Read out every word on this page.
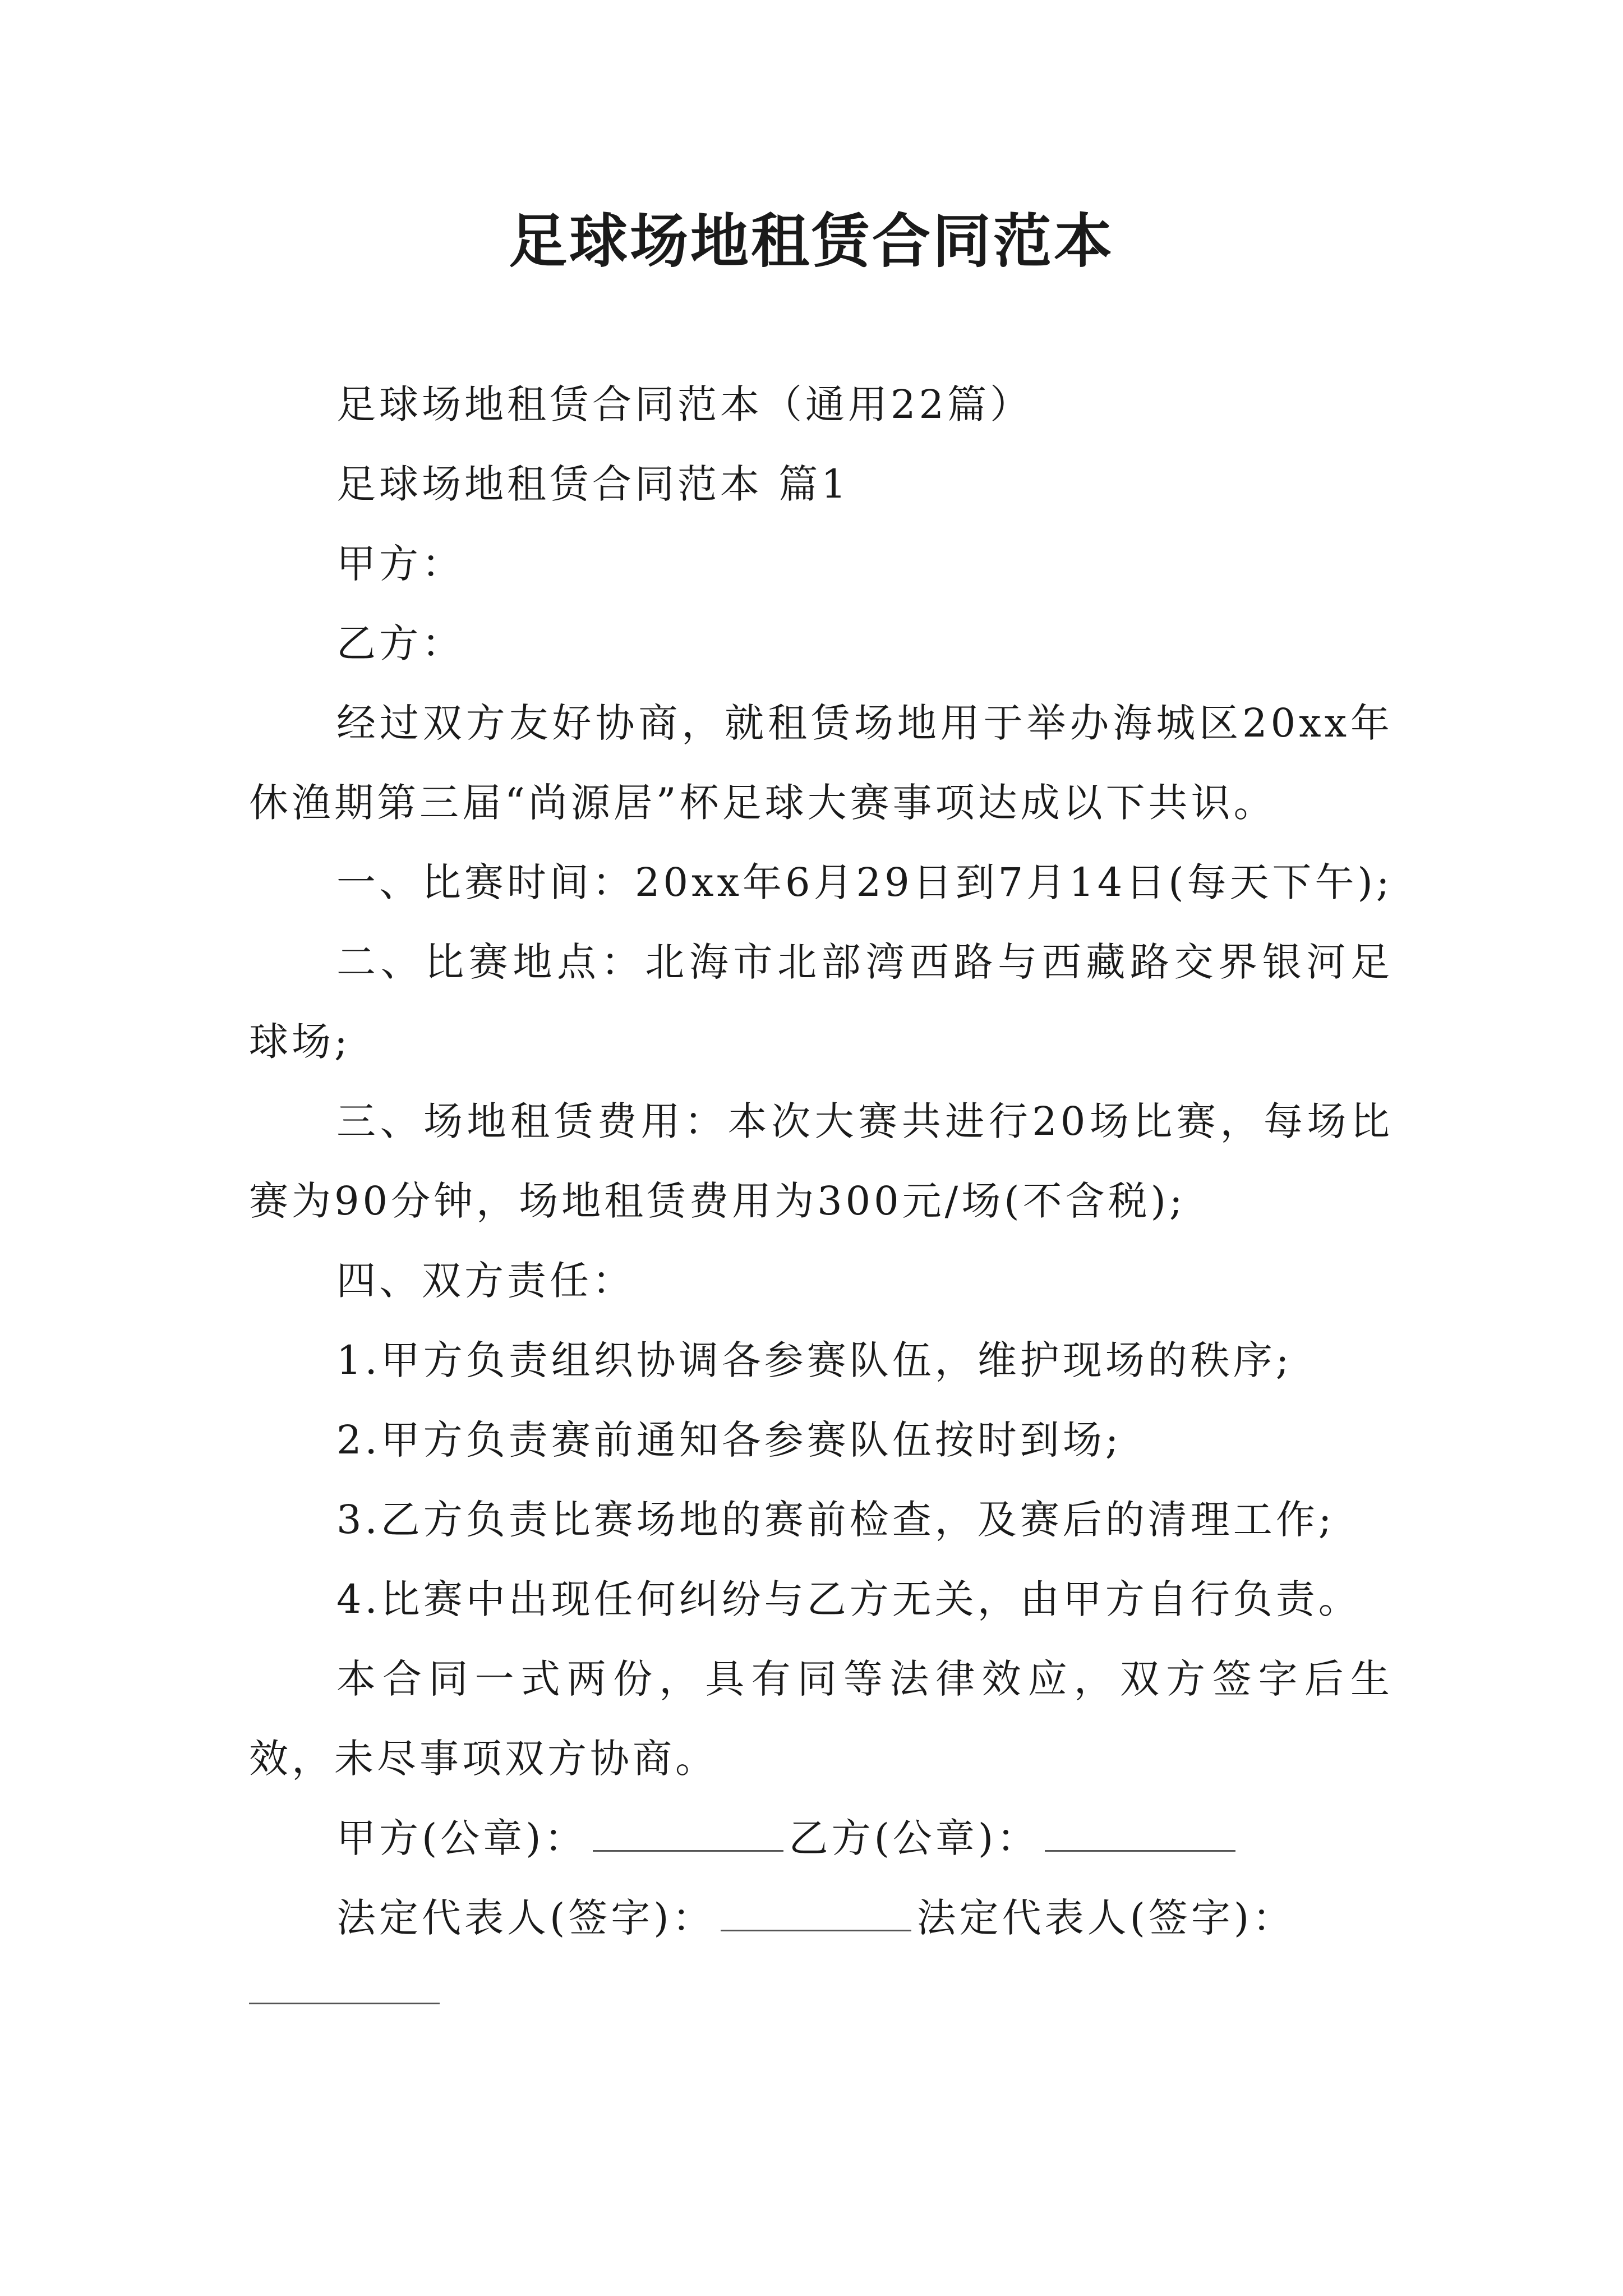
足球场地租赁合同范本

足球场地租赁合同范本（通用22篇）

足球场地租赁合同范本 篇1

甲方：

乙方：

经过双方友好协商，就租赁场地用于举办海城区20xx年休渔期第三届“尚源居”杯足球大赛事项达成以下共识。

一、比赛时间：20xx年6月29日到7月14日(每天下午);

二、比赛地点：北海市北部湾西路与西藏路交界银河足球场;

三、场地租赁费用：本次大赛共进行20场比赛，每场比赛为90分钟，场地租赁费用为300元/场(不含税);

四、双方责任：

1.甲方负责组织协调各参赛队伍，维护现场的秩序;

2.甲方负责赛前通知各参赛队伍按时到场;

3.乙方负责比赛场地的赛前检查，及赛后的清理工作;

4.比赛中出现任何纠纷与乙方无关，由甲方自行负责。

本合同一式两份，具有同等法律效应，双方签字后生效，未尽事项双方协商。

甲方(公章)：	乙方(公章)：

法定代表人(签字)：	法定代表人(签字)：
